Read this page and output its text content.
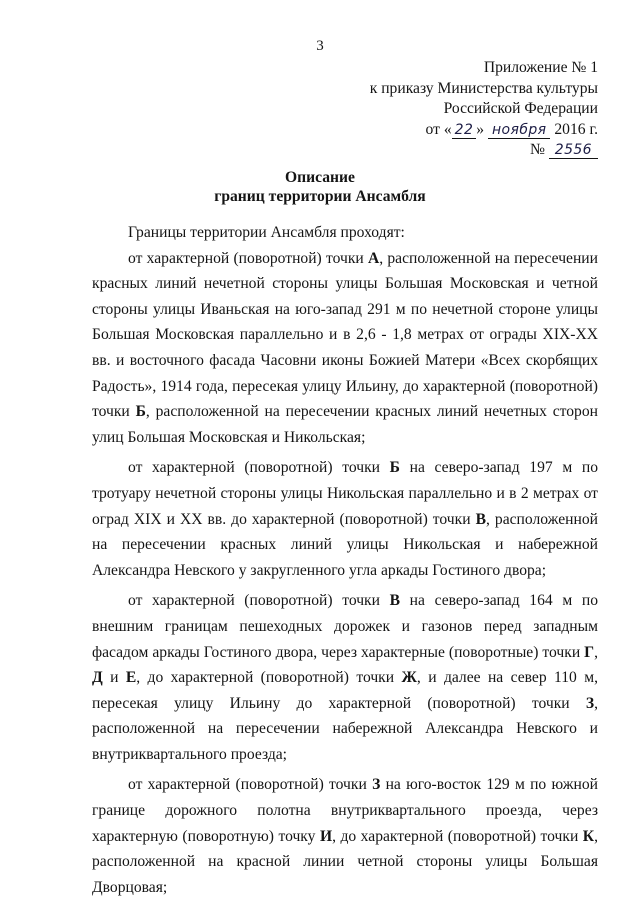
3
Приложение № 1
к приказу Министерства культуры
Российской Федерации
от « 22 » ноября 2016 г.
№ 2556
Описание
границ территории Ансамбля

Границы территории Ансамбля проходят:

от характерной (поворотной) точки А, расположенной на пересечении красных линий нечетной стороны улицы Большая Московская и четной стороны улицы Иваньская на юго-запад 291 м по нечетной стороне улицы Большая Московская параллельно и в 2,6 - 1,8 метрах от ограды XIX-XX вв. и восточного фасада Часовни иконы Божией Матери «Всех скорбящих Радость», 1914 года, пересекая улицу Ильину, до характерной (поворотной) точки Б, расположенной на пересечении красных линий нечетных сторон улиц Большая Московская и Никольская;

от характерной (поворотной) точки Б на северо-запад 197 м по тротуару нечетной стороны улицы Никольская параллельно и в 2 метрах от оград XIX и XX вв. до характерной (поворотной) точки В, расположенной на пересечении красных линий улицы Никольская и набережной Александра Невского у закругленного угла аркады Гостиного двора;

от характерной (поворотной) точки В на северо-запад 164 м по внешним границам пешеходных дорожек и газонов перед западным фасадом аркады Гостиного двора, через характерные (поворотные) точки Г, Д и Е, до характерной (поворотной) точки Ж, и далее на север 110 м, пересекая улицу Ильину до характерной (поворотной) точки З, расположенной на пересечении набережной Александра Невского и внутриквартального проезда;

от характерной (поворотной) точки З на юго-восток 129 м по южной границе дорожного полотна внутриквартального проезда, через характерную (поворотную) точку И, до характерной (поворотной) точки К, расположенной на красной линии четной стороны улицы Большая Дворцовая;
